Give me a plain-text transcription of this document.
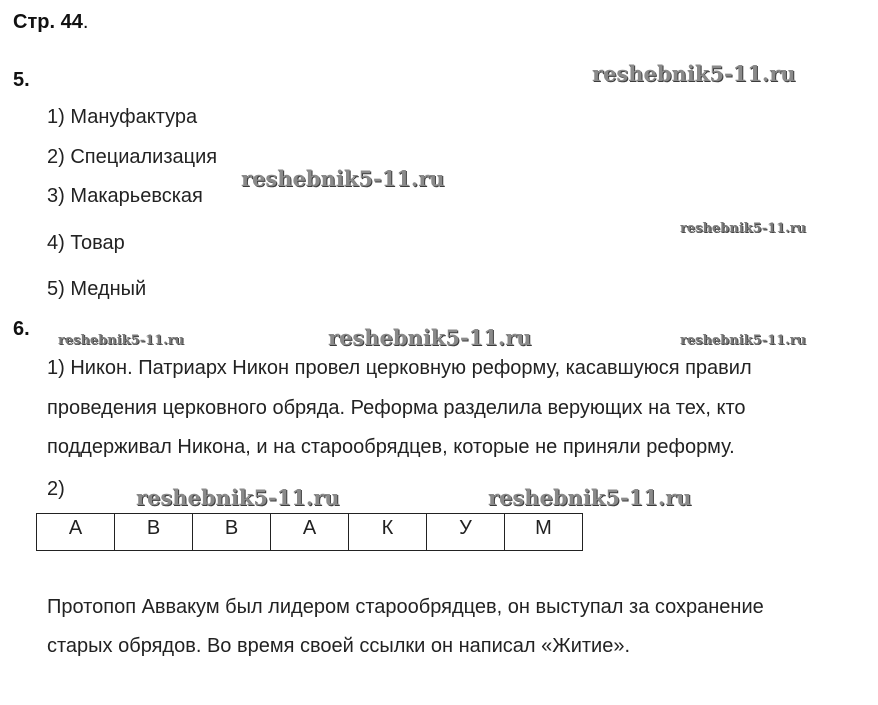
Стр. 44.
5.
1) Мануфактура
2) Специализация
3) Макарьевская
4) Товар
5) Медный
6.
1) Никон. Патриарх Никон провел церковную реформу, касавшуюся правил
проведения церковного обряда. Реформа разделила верующих на тех, кто
поддерживал Никона, и на старообрядцев, которые не приняли реформу.
2)
А	В	В	А	К	У	М
Протопоп Аввакум был лидером старообрядцев, он выступал за сохранение
старых обрядов. Во время своей ссылки он написал «Житие».
reshebnik5-11.ru
reshebnik5-11.ru
reshebnik5-11.ru
reshebnik5-11.ru	reshebnik5-11.ru	reshebnik5-11.ru
reshebnik5-11.ru	reshebnik5-11.ru
